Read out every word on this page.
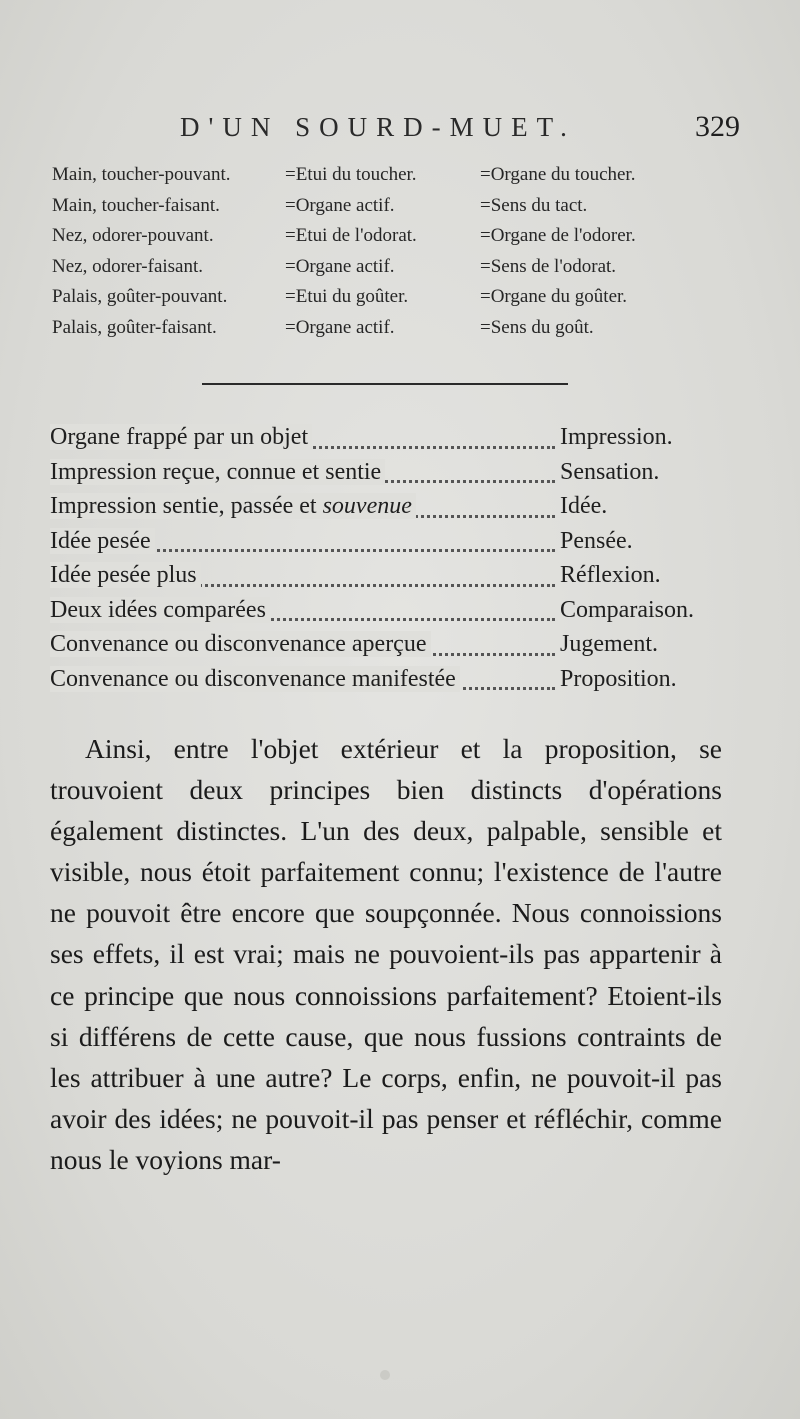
D'UN SOURD-MUET.	329
Main, toucher-pouvant.	=Etui du toucher.	=Organe du toucher.
Main, toucher-faisant.	=Organe actif.	=Sens du tact.
Nez, odorer-pouvant.	=Etui de l'odorat.	=Organe de l'odorer.
Nez, odorer-faisant.	=Organe actif.	=Sens de l'odorat.
Palais, goûter-pouvant.	=Etui du goûter.	=Organe du goûter.
Palais, goûter-faisant.	=Organe actif.	=Sens du goût.
Organe frappé par un objet	Impression.
Impression reçue, connue et sentie	Sensation.
Impression sentie, passée et souvenue	Idée.
Idée pesée	Pensée.
Idée pesée plus	Réflexion.
Deux idées comparées	Comparaison.
Convenance ou disconvenance aperçue	Jugement.
Convenance ou disconvenance manifestée	Proposition.

Ainsi, entre l'objet extérieur et la proposition, se trouvoient deux principes bien distincts d'opérations également distinctes. L'un des deux, palpable, sensible et visible, nous étoit parfaitement connu; l'existence de l'autre ne pouvoit être encore que soupçonnée. Nous connoissions ses effets, il est vrai; mais ne pouvoient-ils pas appartenir à ce principe que nous connoissions parfaitement? Etoient-ils si différens de cette cause, que nous fussions contraints de les attribuer à une autre? Le corps, enfin, ne pouvoit-il pas avoir des idées; ne pouvoit-il pas penser et réfléchir, comme nous le voyions mar-
